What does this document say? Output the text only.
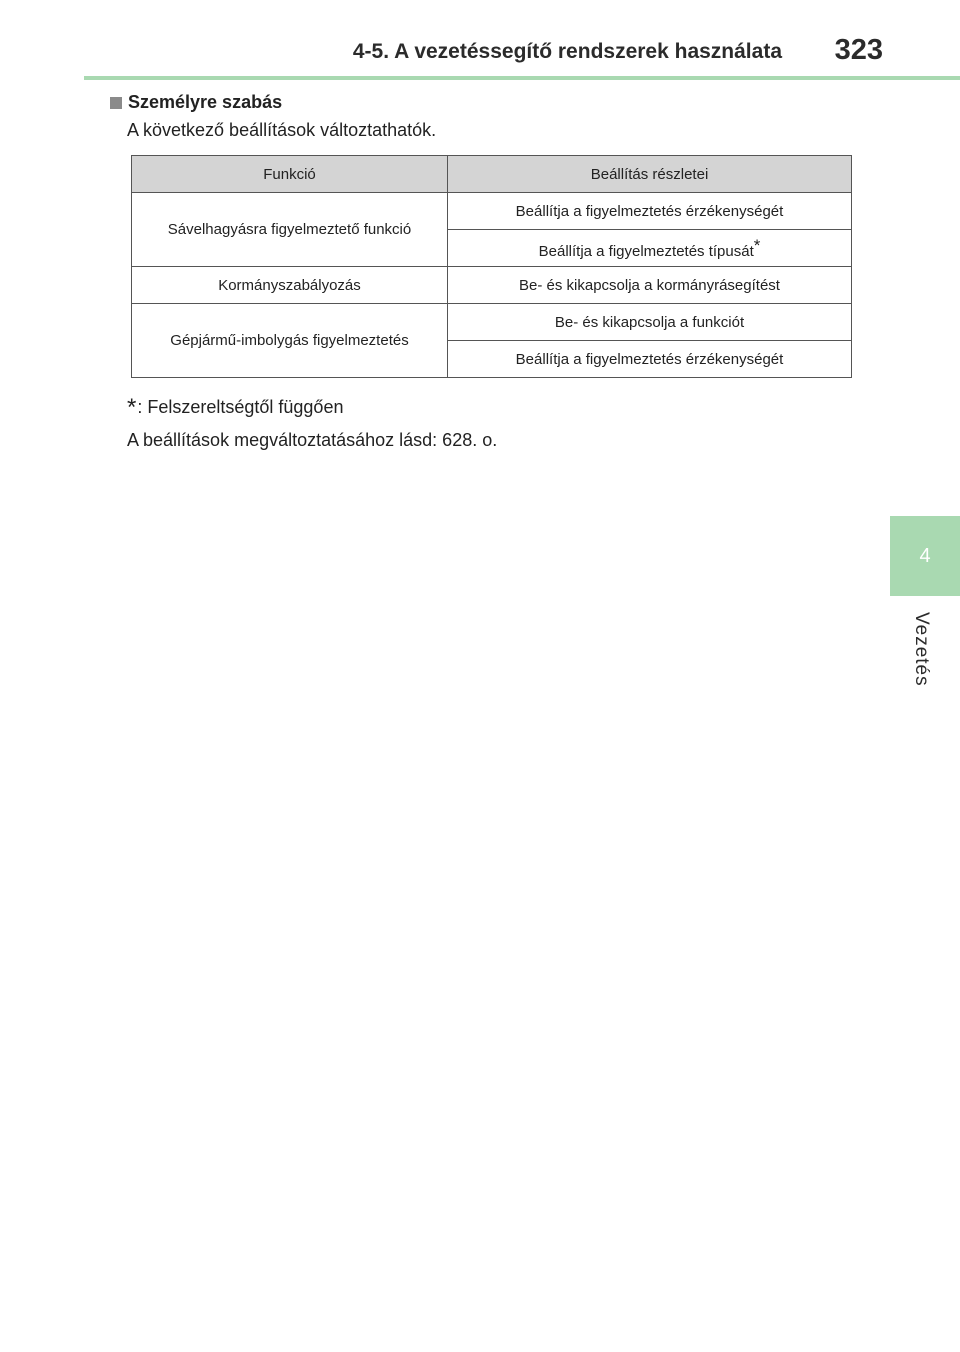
4-5. A vezetéssegítő rendszerek használata 323
4
Vezetés
Személyre szabás
A következő beállítások változtathatók.
Funkció	Beállítás részletei
Sávelhagyásra figyelmeztető funkció	Beállítja a figyelmeztetés érzékenységét
	Beállítja a figyelmeztetés típusát*
Kormányszabályozás	Be- és kikapcsolja a kormányrásegítést
Gépjármű-imbolygás figyelmeztetés	Be- és kikapcsolja a funkciót
	Beállítja a figyelmeztetés érzékenységét
*: Felszereltségtől függően
A beállítások megváltoztatásához lásd: 628. o.
